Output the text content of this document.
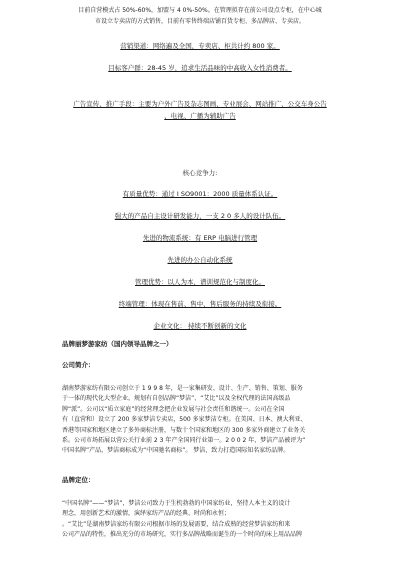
目前自营模式占 50%-60%，加盟与 4 0%-50%。在管理拟存在前公司设点专柜，在中心城
市设立专卖店的方式销售，目前有零售终端店铺百货专柜、多品牌店、专卖店。
营销渠道：网络遍及全国，专卖店、柜共计约 800 家。
目标客户群：28-45 岁，追求生活品味的中高收入女性消费者。
广告宣传、推广手段：主要为户外广告及杂志图画、专业展会、网站推广、公交车身公告
、电视、广播为辅助广告
核心竞争力:
有质量优势：通过 I SO9001：2000 质量体系认证。
强大的产品自主设计研发能力，一支 2 0 多人的设计队伍。
先进的物流系统：有 ERP 电脑进行管理
先进的办公自动化系统
管理优势：以人为本，谱训规范化与制度化。
终端管理：体现在售前、售中、售后服务的持续及衔接。
企业文化： 持续不断创新的文化
品牌丽梦游家纺（国内领导品牌之一）
公司简介：

湖南梦游家纺有限公司创立于 1 9 9 8 年，是一家集研发、设计、生产、销售、策划、服务

于一体的现代化大型企业。规划有自创品牌“梦洁”、“艾比”以及全权代理的法国高级品

牌“派”。公司以“质立家庭”的经营理念把企业发展与社会责任和谐统一。公司在全国

有（直营和）设立了 200 多家梦洁专卖店，500 多家梦洁专柜。在美国、日本、澳大利亚、

香港等国家和地区建立了多外商标注册，与数十个国家和地区的 300 多家外商建立了业务关

系。公司市场拓展以营公关行业前 2 3 年产全国同行业第一。2 0 0 2 年，梦洁产品被评为“

中国名牌”产品，梦洁商标成为“中国驰名商标”。 梦洁，致力打造国际知名家纺品牌。

品牌定位：

“中国名牌”——“梦洁”，梦洁公司致力于生机勃勃的中国家纺业，坚持人本主义的设计

理念，用创新艺术的激情，演绎家纺产品的经典、时尚和永恒；

。“艾比”是湖南梦洁家纺有限公司根据市场的发展需要，结合成熟的经营梦洁家纺和来

公司产品的特性，推出充分的市场研究，实行多品牌战略而诞生的一个时尚的床上用品品牌
